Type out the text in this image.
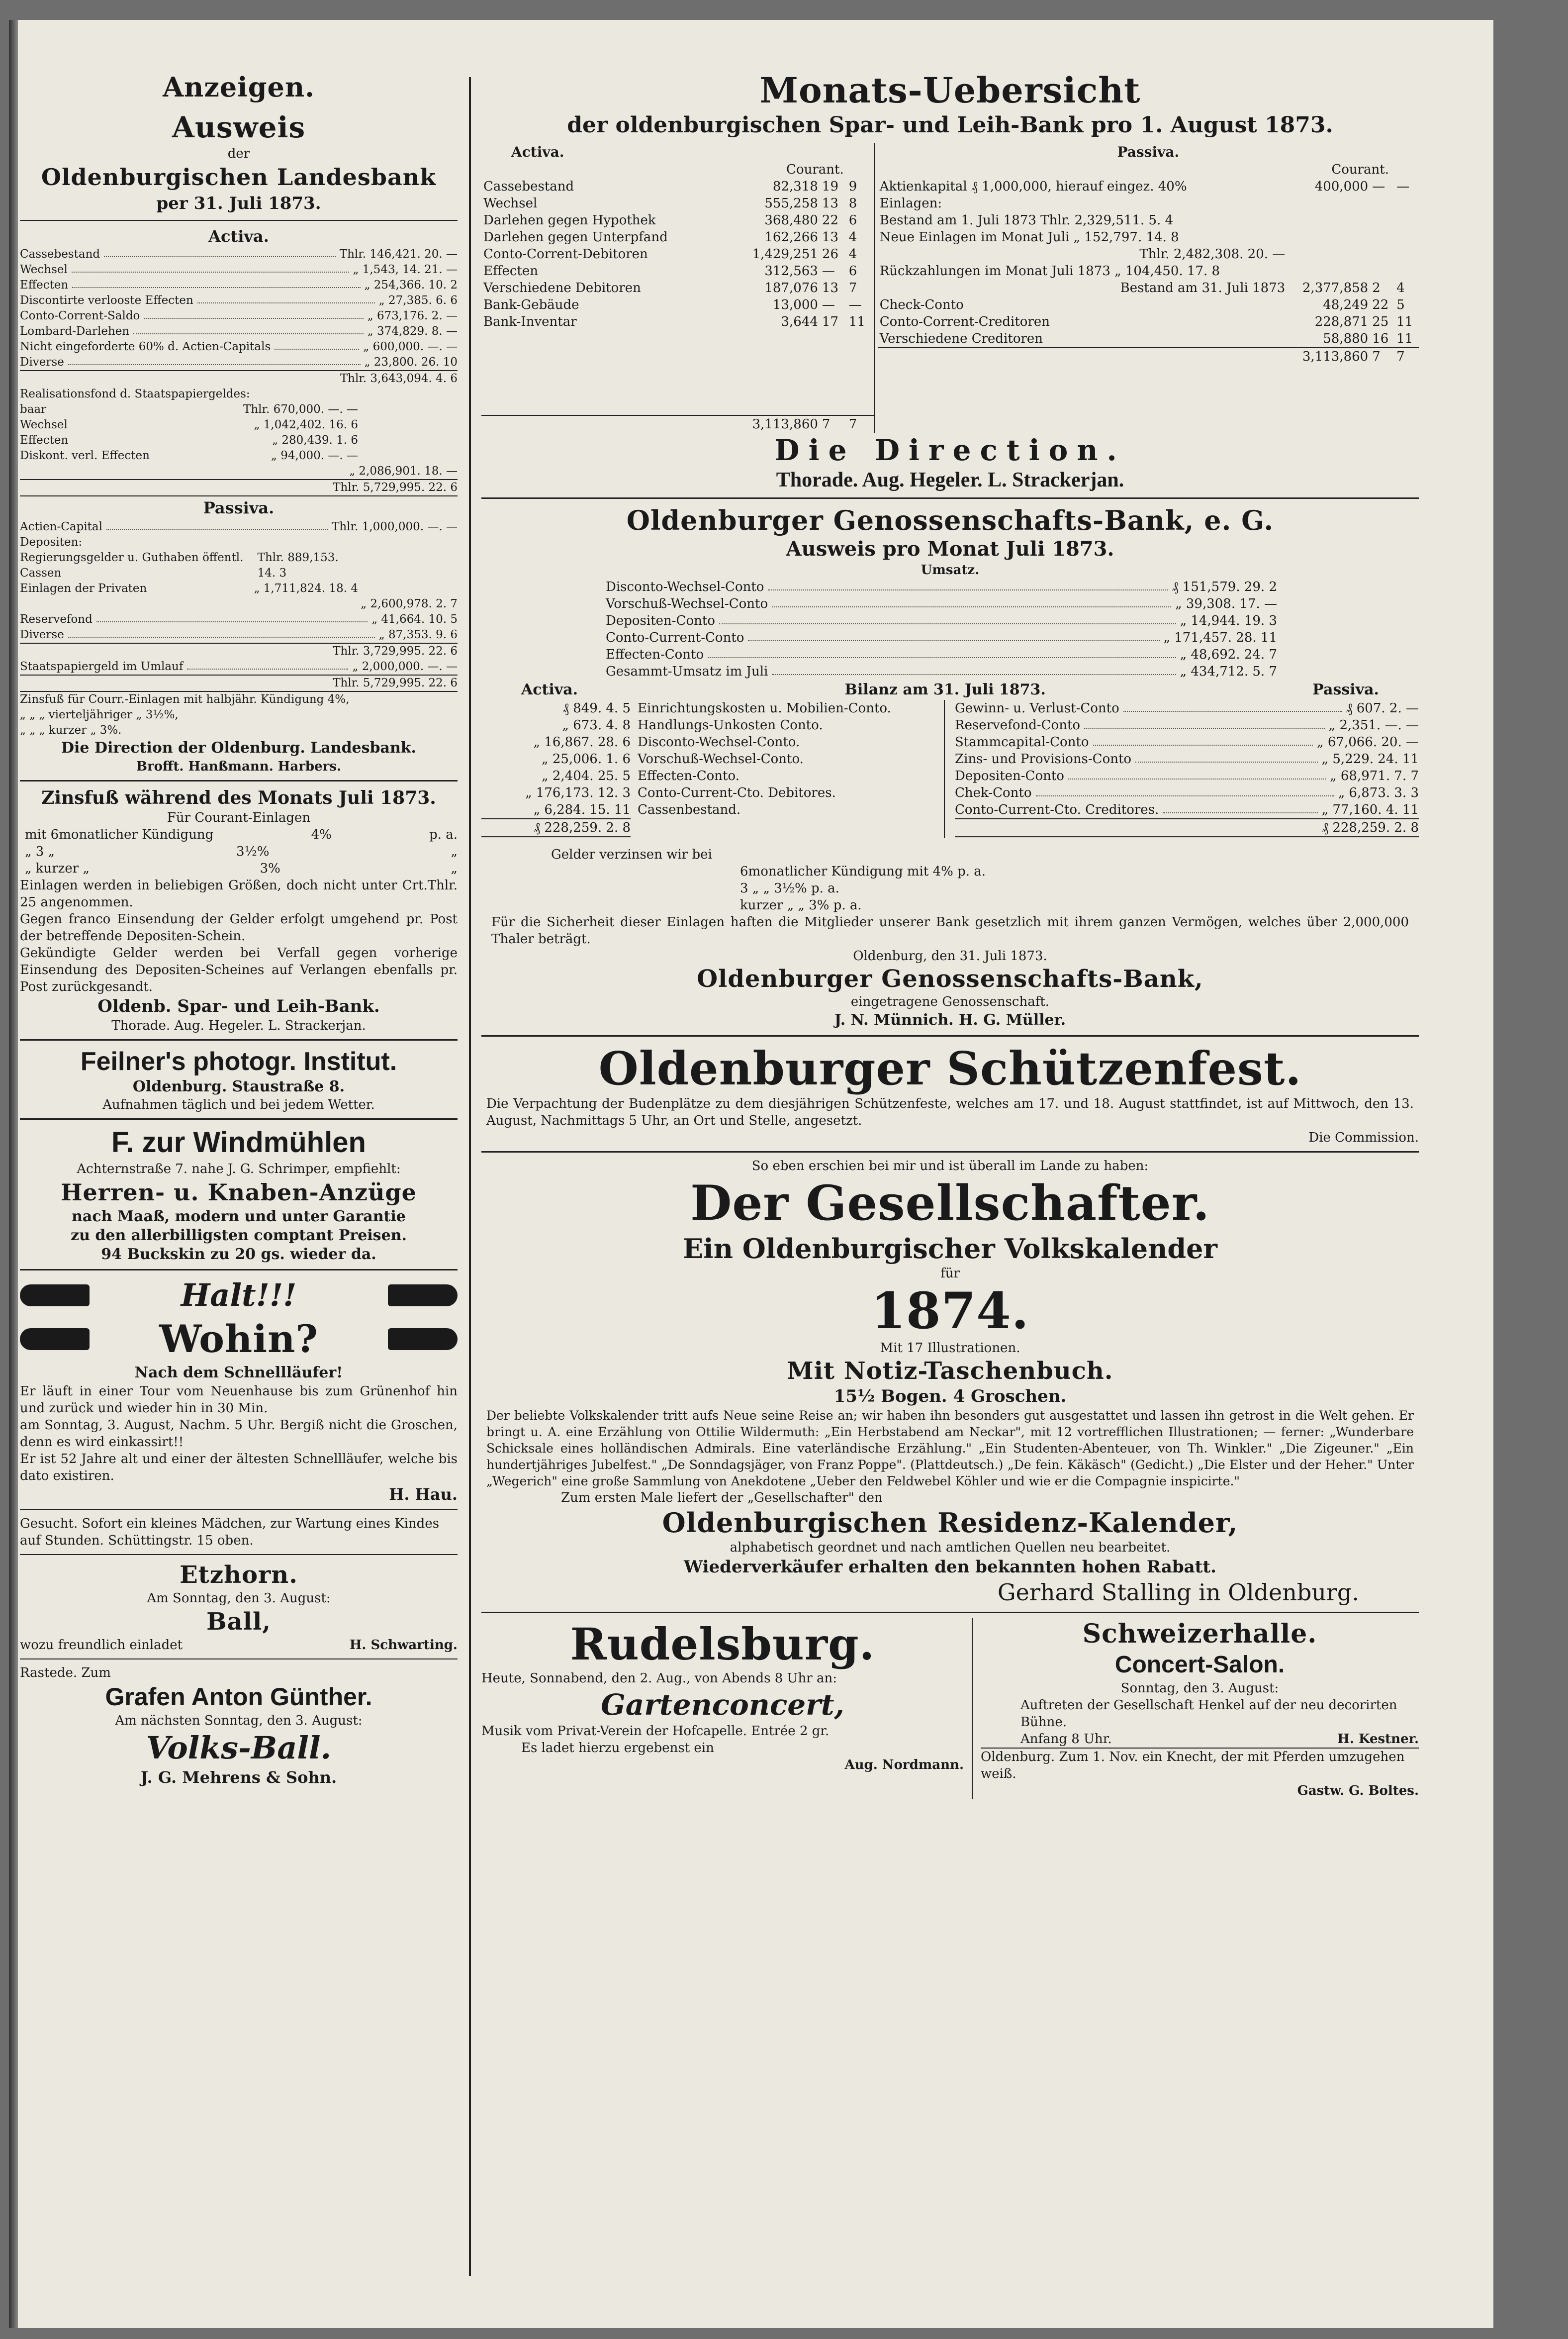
Anzeigen.
Ausweis
der
Oldenburgischen Landesbank
per 31. Juli 1873.
Activa.
Cassebestand	Thlr. 146,421. 20. —
Wechsel	„ 1,543, 14. 21. —
Effecten	„ 254,366. 10. 2
Discontirte verlooste Effecten	„ 27,385. 6. 6
Conto-Corrent-Saldo	„ 673,176. 2. —
Lombard-Darlehen	„ 374,829. 8. —
Nicht eingeforderte 60% d. Actien-Capitals	„ 600,000. —. —
Diverse	„ 23,800. 26. 10
Thlr. 3,643,094. 4. 6
Realisationsfond d. Staatspapiergeldes:
baar	Thlr. 670,000. —. —
Wechsel	„ 1,042,402. 16. 6
Effecten	„ 280,439. 1. 6
Diskont. verl. Effecten	„ 94,000. —. —
„ 2,086,901. 18. —
Thlr. 5,729,995. 22. 6
Passiva.
Actien-Capital	Thlr. 1,000,000. —. —
Depositen:
Regierungsgelder u. Guthaben öffentl. Cassen
Thlr. 889,153. 14. 3
Einlagen der Privaten	„ 1,711,824. 18. 4
„ 2,600,978. 2. 7
Reservefond	„ 41,664. 10. 5
Diverse	„ 87,353. 9. 6
Thlr. 3,729,995. 22. 6
Staatspapiergeld im Umlauf	„ 2,000,000. —. —
Thlr. 5,729,995. 22. 6
Zinsfuß für Courr.-Einlagen mit halbjähr. Kündigung 4%,
„ „ „ vierteljähriger „ 3½%,
„ „ „ kurzer „ 3%.
Die Direction der Oldenburg. Landesbank.
Brofft. Hanßmann. Harbers.
Zinsfuß während des Monats Juli 1873.
Für Courant-Einlagen
mit 6monatlicher Kündigung	4%	p. a.
„ 3 „	3½%	„
„ kurzer „	3%	„
Einlagen werden in beliebigen Größen, doch nicht unter Crt.Thlr. 25 angenommen.
Gegen franco Einsendung der Gelder erfolgt umgehend pr. Post der betreffende Depositen-Schein.
Gekündigte Gelder werden bei Verfall gegen vorherige Einsendung des Depositen-Scheines auf Verlangen ebenfalls pr. Post zurückgesandt.
Oldenb. Spar- und Leih-Bank.
Thorade. Aug. Hegeler. L. Strackerjan.
Feilner's photogr. Institut.
Oldenburg. Staustraße 8.
Aufnahmen täglich und bei jedem Wetter.
F. zur Windmühlen
Achternstraße 7. nahe J. G. Schrimper, empfiehlt:
Herren- u. Knaben-Anzüge
nach Maaß, modern und unter Garantie
zu den allerbilligsten comptant Preisen.
94 Buckskin zu 20 gs. wieder da.
Halt!!!
Wohin?
Nach dem Schnellläufer!
Er läuft in einer Tour vom Neuenhause bis zum Grünenhof hin und zurück und wieder hin in 30 Min.
am Sonntag, 3. August, Nachm. 5 Uhr. Bergiß nicht die Groschen, denn es wird einkassirt!!
Er ist 52 Jahre alt und einer der ältesten Schnellläufer, welche bis dato existiren.
H. Hau.
Gesucht. Sofort ein kleines Mädchen, zur Wartung eines Kindes auf Stunden. Schüttingstr. 15 oben.
Etzhorn.
Am Sonntag, den 3. August:
Ball,
wozu freundlich einladet	H. Schwarting.
Rastede. Zum
Grafen Anton Günther.
Am nächsten Sonntag, den 3. August:
Volks-Ball.
J. G. Mehrens & Sohn.
Monats-Uebersicht
der oldenburgischen Spar- und Leih-Bank pro 1. August 1873.
Activa.
Courant.
Cassebestand	82,318	19	9
Wechsel	555,258	13	8
Darlehen gegen Hypothek	368,480	22	6
Darlehen gegen Unterpfand	162,266	13	4
Conto-Corrent-Debitoren	1,429,251	26	4
Effecten	312,563	—	6
Verschiedene Debitoren	187,076	13	7
Bank-Gebäude	13,000	—	—
Bank-Inventar	3,644	17	11

	3,113,860	7	7
Passiva.
Courant.
Aktienkapital ₰ 1,000,000, hierauf eingez. 40%	400,000	—	—
Einlagen:			
Bestand am 1. Juli 1873 Thlr. 2,329,511. 5. 4			
Neue Einlagen im Monat Juli „ 152,797. 14. 8			
Thlr. 2,482,308. 20. —			
Rückzahlungen im Monat Juli 1873 „ 104,450. 17. 8			
Bestand am 31. Juli 1873	2,377,858	2	4
Check-Conto	48,249	22	5
Conto-Corrent-Creditoren	228,871	25	11
Verschiedene Creditoren	58,880	16	11
	3,113,860	7	7
Die Direction.
Thorade. Aug. Hegeler. L. Strackerjan.
Oldenburger Genossenschafts-Bank, e. G.
Ausweis pro Monat Juli 1873.
Umsatz.
Disconto-Wechsel-Conto	₰ 151,579. 29. 2
Vorschuß-Wechsel-Conto	„ 39,308. 17. —
Depositen-Conto	„ 14,944. 19. 3
Conto-Current-Conto	„ 171,457. 28. 11
Effecten-Conto	„ 48,692. 24. 7
Gesammt-Umsatz im Juli	„ 434,712. 5. 7
Activa.	Bilanz am 31. Juli 1873.	Passiva.
₰ 849. 4. 5 Einrichtungskosten u. Mobilien-Conto.
„ 673. 4. 8 Handlungs-Unkosten Conto.
„ 16,867. 28. 6 Disconto-Wechsel-Conto.
„ 25,006. 1. 6 Vorschuß-Wechsel-Conto.
„ 2,404. 25. 5 Effecten-Conto.
„ 176,173. 12. 3 Conto-Current-Cto. Debitores.
„ 6,284. 15. 11 Cassenbestand.
₰ 228,259. 2. 8
Gewinn- u. Verlust-Conto	₰ 607. 2. —
Reservefond-Conto	„ 2,351. —. —
Stammcapital-Conto	„ 67,066. 20. —
Zins- und Provisions-Conto	„ 5,229. 24. 11
Depositen-Conto	„ 68,971. 7. 7
Chek-Conto	„ 6,873. 3. 3
Conto-Current-Cto. Creditores.	„ 77,160. 4. 11
₰ 228,259. 2. 8
Gelder verzinsen wir bei
6monatlicher Kündigung mit 4% p. a.
3 „ „ 3½% p. a.
kurzer „ „ 3% p. a.
Für die Sicherheit dieser Einlagen haften die Mitglieder unserer Bank gesetzlich mit ihrem ganzen Vermögen, welches über 2,000,000 Thaler beträgt.
Oldenburg, den 31. Juli 1873.
Oldenburger Genossenschafts-Bank,
eingetragene Genossenschaft.
J. N. Münnich. H. G. Müller.
Oldenburger Schützenfest.
Die Verpachtung der Budenplätze zu dem diesjährigen Schützenfeste, welches am 17. und 18. August stattfindet, ist auf Mittwoch, den 13. August, Nachmittags 5 Uhr, an Ort und Stelle, angesetzt.
Die Commission.
So eben erschien bei mir und ist überall im Lande zu haben:
Der Gesellschafter.
Ein Oldenburgischer Volkskalender
für
1874.
Mit 17 Illustrationen.
Mit Notiz-Taschenbuch.
15½ Bogen. 4 Groschen.
Der beliebte Volkskalender tritt aufs Neue seine Reise an; wir haben ihn besonders gut ausgestattet und lassen ihn getrost in die Welt gehen. Er bringt u. A. eine Erzählung von Ottilie Wildermuth: „Ein Herbstabend am Neckar", mit 12 vortrefflichen Illustrationen; — ferner: „Wunderbare Schicksale eines holländischen Admirals. Eine vaterländische Erzählung." „Ein Studenten-Abenteuer, von Th. Winkler." „Die Zigeuner." „Ein hundertjähriges Jubelfest." „De Sonndagsjäger, von Franz Poppe". (Plattdeutsch.) „De fein. Käkäsch" (Gedicht.) „Die Elster und der Heher." Unter „Wegerich" eine große Sammlung von Anekdotene „Ueber den Feldwebel Köhler und wie er die Compagnie inspicirte."
Zum ersten Male liefert der „Gesellschafter" den
Oldenburgischen Residenz-Kalender,
alphabetisch geordnet und nach amtlichen Quellen neu bearbeitet.
Wiederverkäufer erhalten den bekannten hohen Rabatt.
Gerhard Stalling in Oldenburg.
Rudelsburg.
Heute, Sonnabend, den 2. Aug., von Abends 8 Uhr an:
Gartenconcert,
Musik vom Privat-Verein der Hofcapelle. Entrée 2 gr.
Es ladet hierzu ergebenst ein
Aug. Nordmann.
Schweizerhalle.
Concert-Salon.
Sonntag, den 3. August:
Auftreten der Gesellschaft Henkel auf der neu decorirten Bühne.
Anfang 8 Uhr.	H. Kestner.
Oldenburg. Zum 1. Nov. ein Knecht, der mit Pferden umzugehen weiß.
Gastw. G. Boltes.
